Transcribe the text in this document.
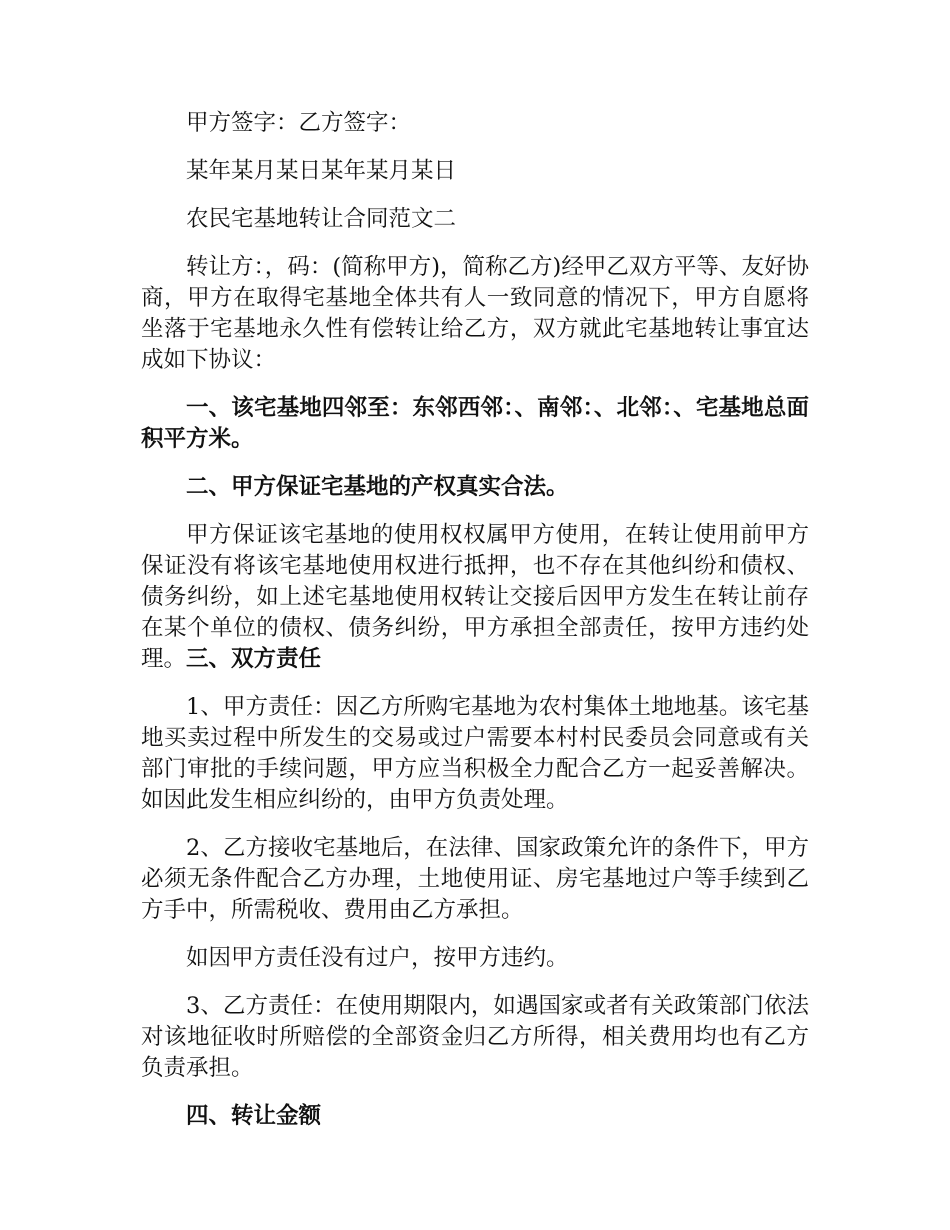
甲方签字：乙方签字：

某年某月某日某年某月某日

农民宅基地转让合同范文二

转让方：，码：(简称甲方)，简称乙方)经甲乙双方平等、友好协商，甲方在取得宅基地全体共有人一致同意的情况下，甲方自愿将坐落于宅基地永久性有偿转让给乙方，双方就此宅基地转让事宜达成如下协议：

一、该宅基地四邻至：东邻西邻：、南邻：、北邻：、宅基地总面积平方米。

二、甲方保证宅基地的产权真实合法。

甲方保证该宅基地的使用权权属甲方使用，在转让使用前甲方保证没有将该宅基地使用权进行抵押，也不存在其他纠纷和债权、债务纠纷，如上述宅基地使用权转让交接后因甲方发生在转让前存在某个单位的债权、债务纠纷，甲方承担全部责任，按甲方违约处理。三、双方责任

1、甲方责任：因乙方所购宅基地为农村集体土地地基。该宅基地买卖过程中所发生的交易或过户需要本村村民委员会同意或有关部门审批的手续问题，甲方应当积极全力配合乙方一起妥善解决。如因此发生相应纠纷的，由甲方负责处理。

2、乙方接收宅基地后，在法律、国家政策允许的条件下，甲方必须无条件配合乙方办理，土地使用证、房宅基地过户等手续到乙方手中，所需税收、费用由乙方承担。

如因甲方责任没有过户，按甲方违约。

3、乙方责任：在使用期限内，如遇国家或者有关政策部门依法对该地征收时所赔偿的全部资金归乙方所得，相关费用均也有乙方负责承担。

四、转让金额
